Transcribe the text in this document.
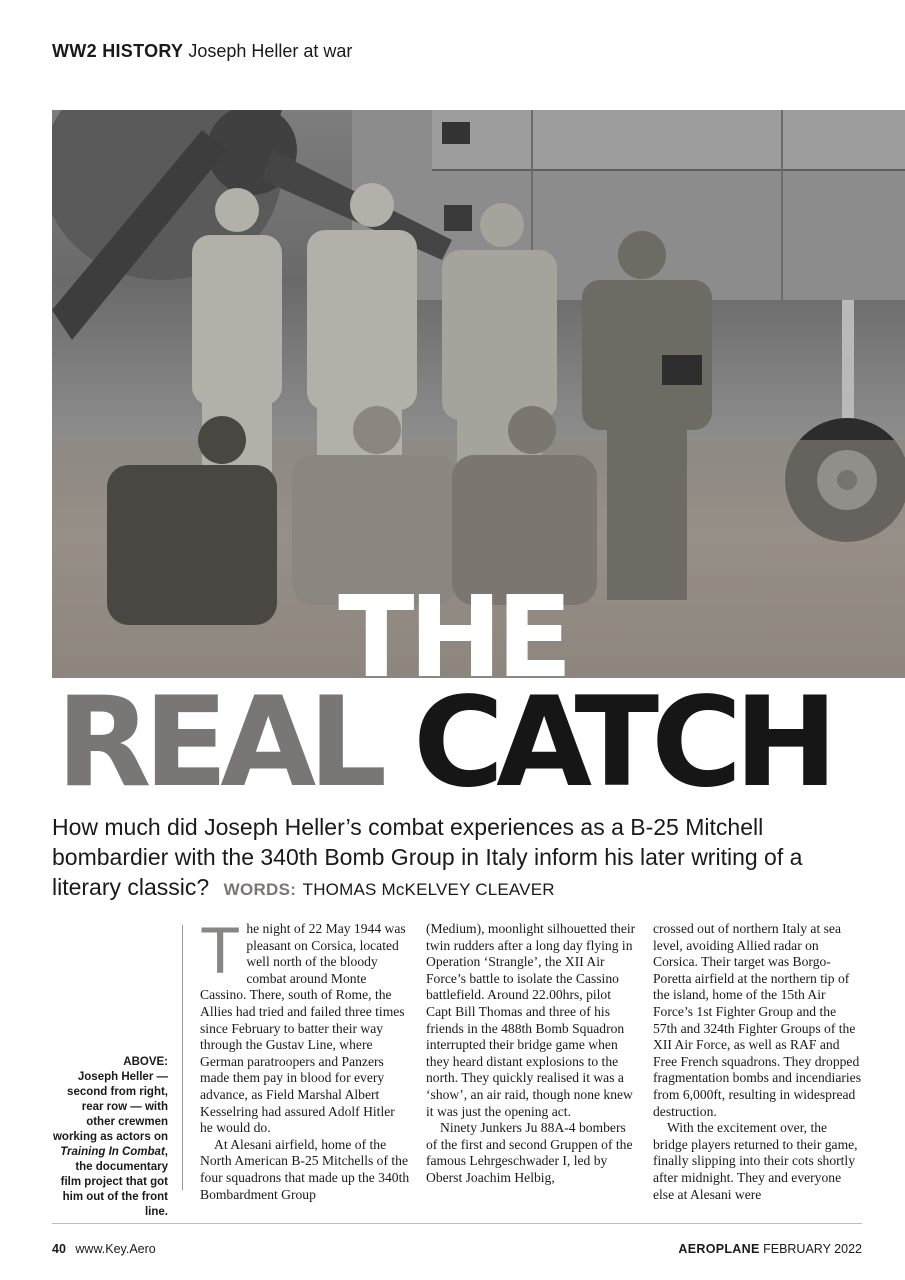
WW2 HISTORY Joseph Heller at war
THE
REAL CATCH
How much did Joseph Heller’s combat experiences as a B-25 Mitchell bombardier with the 340th Bomb Group in Italy inform his later writing of a literary classic? WORDS: THOMAS McKELVEY CLEAVER
ABOVE:
Joseph Heller — second from right, rear row — with other crewmen working as actors on Training In Combat, the documentary film project that got him out of the front line.

The night of 22 May 1944 was pleasant on Corsica, located well north of the bloody combat around Monte Cassino. There, south of Rome, the Allies had tried and failed three times since February to batter their way through the Gustav Line, where German paratroopers and Panzers made them pay in blood for every advance, as Field Marshal Albert Kesselring had assured Adolf Hitler he would do.

At Alesani airfield, home of the North American B-25 Mitchells of the four squadrons that made up the 340th Bombardment Group

(Medium), moonlight silhouetted their twin rudders after a long day flying in Operation ‘Strangle’, the XII Air Force’s battle to isolate the Cassino battlefield. Around 22.00hrs, pilot Capt Bill Thomas and three of his friends in the 488th Bomb Squadron interrupted their bridge game when they heard distant explosions to the north. They quickly realised it was a ‘show’, an air raid, though none knew it was just the opening act.

Ninety Junkers Ju 88A-4 bombers of the first and second Gruppen of the famous Lehrgeschwader I, led by Oberst Joachim Helbig,

crossed out of northern Italy at sea level, avoiding Allied radar on Corsica. Their target was Borgo-Poretta airfield at the northern tip of the island, home of the 15th Air Force’s 1st Fighter Group and the 57th and 324th Fighter Groups of the XII Air Force, as well as RAF and Free French squadrons. They dropped fragmentation bombs and incendiaries from 6,000ft, resulting in widespread destruction.

With the excitement over, the bridge players returned to their game, finally slipping into their cots shortly after midnight. They and everyone else at Alesani were

40 www.Key.Aero	AEROPLANE FEBRUARY 2022
